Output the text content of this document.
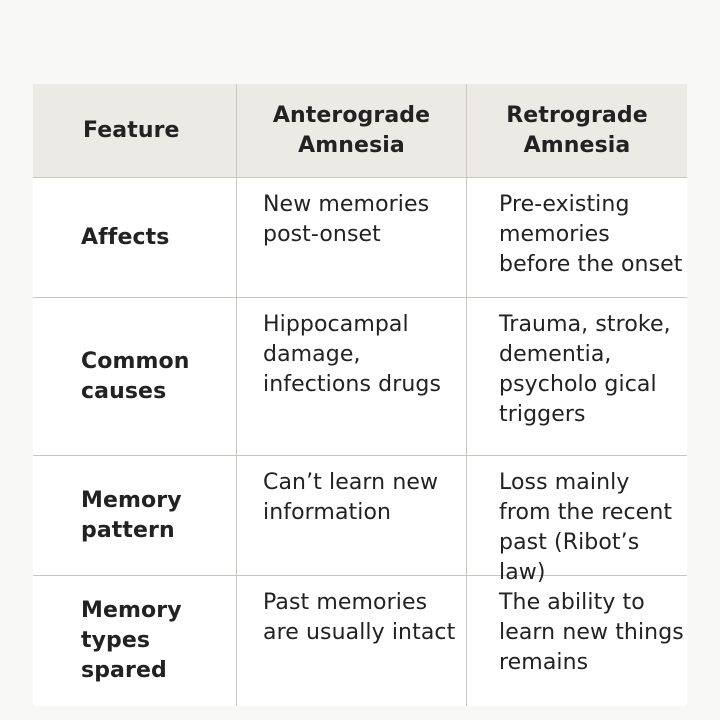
Feature
Anterograde Amnesia
Retrograde Amnesia
Affects
New memories post-onset
Pre-existing memories before the onset
Common causes
Hippocampal damage, infections drugs
Trauma, stroke, dementia, psycholo gical triggers
Memory pattern
Can’t learn new information
Loss mainly from the recent past (Ribot’s law)
Memory types spared
Past memories are usually intact
The ability to learn new things remains
